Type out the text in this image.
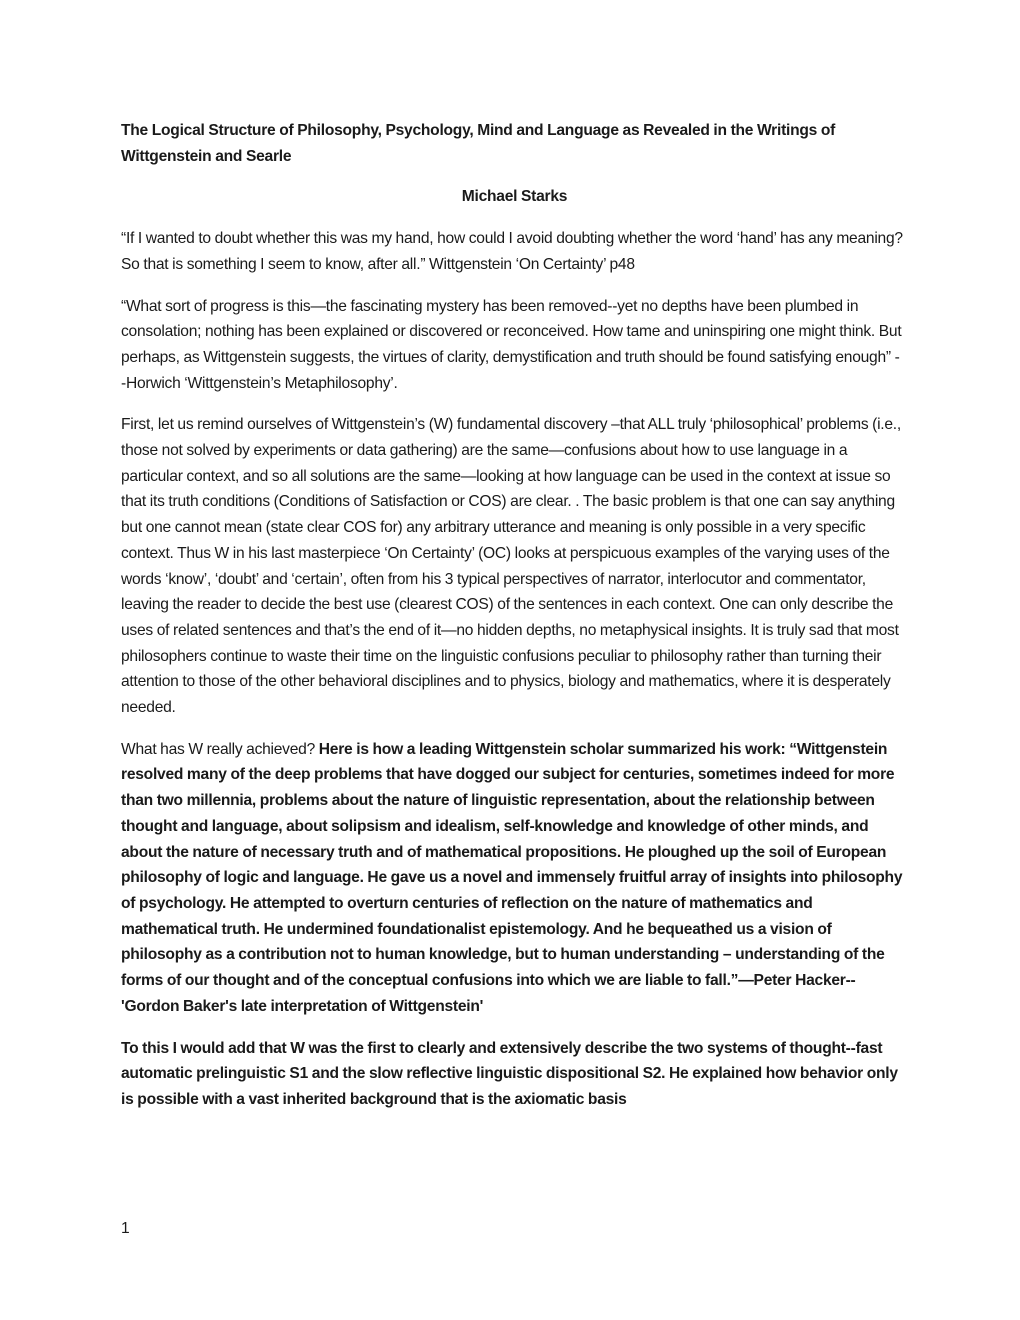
The Logical Structure of Philosophy, Psychology, Mind and Language as Revealed in the Writings of Wittgenstein and Searle

Michael Starks

“If I wanted to doubt whether this was my hand, how could I avoid doubting whether the word ‘hand’ has any meaning? So that is something I seem to know, after all.” Wittgenstein ‘On Certainty’ p48

“What sort of progress is this—the fascinating mystery has been removed--yet no depths have been plumbed in consolation; nothing has been explained or discovered or reconceived. How tame and uninspiring one might think. But perhaps, as Wittgenstein suggests, the virtues of clarity, demystification and truth should be found satisfying enough” --Horwich ‘Wittgenstein’s Metaphilosophy’.

First, let us remind ourselves of Wittgenstein’s (W) fundamental discovery –that ALL truly ‘philosophical’ problems (i.e., those not solved by experiments or data gathering) are the same—confusions about how to use language in a particular context, and so all solutions are the same—looking at how language can be used in the context at issue so that its truth conditions (Conditions of Satisfaction or COS) are clear. . The basic problem is that one can say anything but one cannot mean (state clear COS for) any arbitrary utterance and meaning is only possible in a very specific context. Thus W in his last masterpiece ‘On Certainty’ (OC) looks at perspicuous examples of the varying uses of the words ‘know’, ‘doubt’ and ‘certain’, often from his 3 typical perspectives of narrator, interlocutor and commentator, leaving the reader to decide the best use (clearest COS) of the sentences in each context. One can only describe the uses of related sentences and that’s the end of it—no hidden depths, no metaphysical insights. It is truly sad that most philosophers continue to waste their time on the linguistic confusions peculiar to philosophy rather than turning their attention to those of the other behavioral disciplines and to physics, biology and mathematics, where it is desperately needed.

What has W really achieved? Here is how a leading Wittgenstein scholar summarized his work: “Wittgenstein resolved many of the deep problems that have dogged our subject for centuries, sometimes indeed for more than two millennia, problems about the nature of linguistic representation, about the relationship between thought and language, about solipsism and idealism, self-knowledge and knowledge of other minds, and about the nature of necessary truth and of mathematical propositions. He ploughed up the soil of European philosophy of logic and language. He gave us a novel and immensely fruitful array of insights into philosophy of psychology. He attempted to overturn centuries of reflection on the nature of mathematics and mathematical truth. He undermined foundationalist epistemology. And he bequeathed us a vision of philosophy as a contribution not to human knowledge, but to human understanding – understanding of the forms of our thought and of the conceptual confusions into which we are liable to fall.”—Peter Hacker--'Gordon Baker's late interpretation of Wittgenstein'

To this I would add that W was the first to clearly and extensively describe the two systems of thought--fast automatic prelinguistic S1 and the slow reflective linguistic dispositional S2. He explained how behavior only is possible with a vast inherited background that is the axiomatic basis

1
